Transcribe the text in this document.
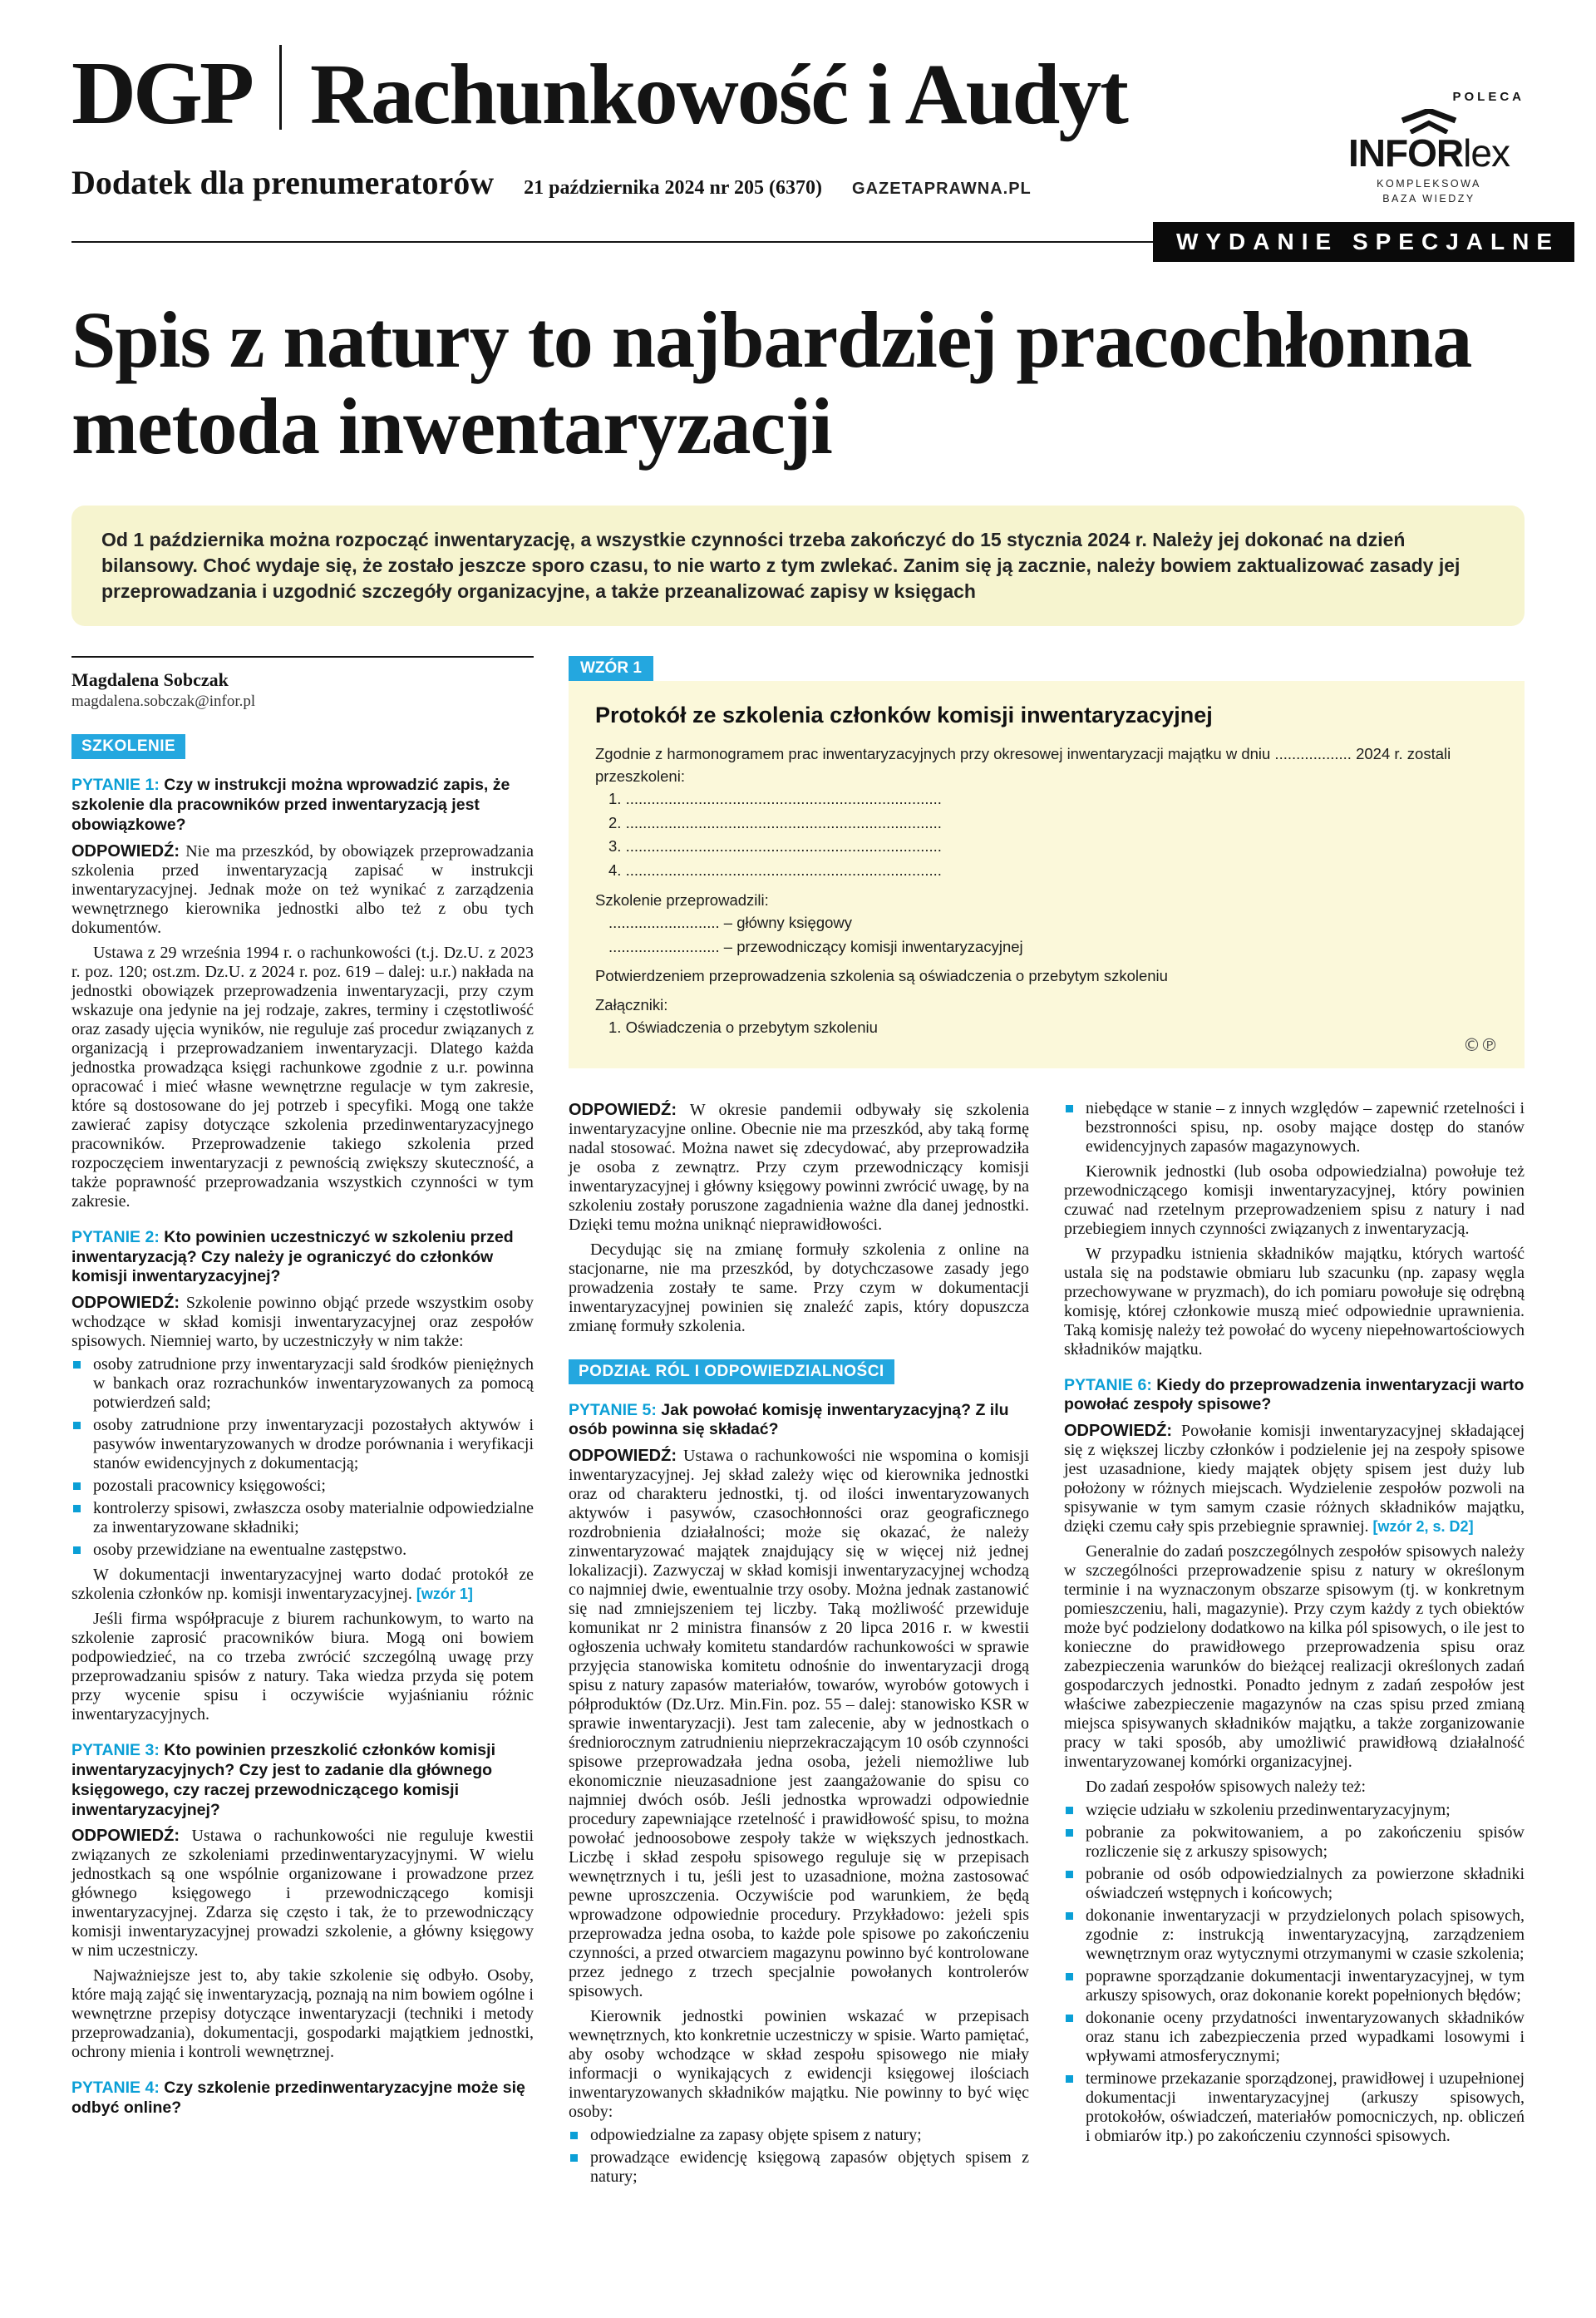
DGP Rachunkowość i Audyt	POLECA
INFORlex
KOMPLEKSOWA
BAZA WIEDZY
Dodatek dla prenumeratorów 21 października 2024 nr 205 (6370) GAZETAPRAWNA.PL
WYDANIE SPECJALNE
Spis z natury to najbardziej pracochłonna metoda inwentaryzacji
Od 1 października można rozpocząć inwentaryzację, a wszystkie czynności trzeba zakończyć do 15 stycznia 2024 r. Należy jej dokonać na dzień bilansowy. Choć wydaje się, że zostało jeszcze sporo czasu, to nie warto z tym zwlekać. Zanim się ją zacznie, należy bowiem zaktualizować zasady jej przeprowadzania i uzgodnić szczegóły organizacyjne, a także przeanalizować zapisy w księgach
Magdalena Sobczak
magdalena.sobczak@infor.pl
SZKOLENIE

PYTANIE 1: Czy w instrukcji można wprowadzić zapis, że szkolenie dla pracowników przed inwentaryzacją jest obowiązkowe?

ODPOWIEDŹ: Nie ma przeszkód, by obowiązek przeprowadzania szkolenia przed inwentaryzacją zapisać w instrukcji inwentaryzacyjnej. Jednak może on też wynikać z zarządzenia wewnętrznego kierownika jednostki albo też z obu tych dokumentów.

Ustawa z 29 września 1994 r. o rachunkowości (t.j. Dz.U. z 2023 r. poz. 120; ost.zm. Dz.U. z 2024 r. poz. 619 – dalej: u.r.) nakłada na jednostki obowiązek przeprowadzenia inwentaryzacji, przy czym wskazuje ona jedynie na jej rodzaje, zakres, terminy i częstotliwość oraz zasady ujęcia wyników, nie reguluje zaś procedur związanych z organizacją i przeprowadzaniem inwentaryzacji. Dlatego każda jednostka prowadząca księgi rachunkowe zgodnie z u.r. powinna opracować i mieć własne wewnętrzne regulacje w tym zakresie, które są dostosowane do jej potrzeb i specyfiki. Mogą one także zawierać zapisy dotyczące szkolenia przedinwentaryzacyjnego pracowników. Przeprowadzenie takiego szkolenia przed rozpoczęciem inwentaryzacji z pewnością zwiększy skuteczność, a także poprawność przeprowadzania wszystkich czynności w tym zakresie.

PYTANIE 2: Kto powinien uczestniczyć w szkoleniu przed inwentaryzacją? Czy należy je ograniczyć do członków komisji inwentaryzacyjnej?

ODPOWIEDŹ: Szkolenie powinno objąć przede wszystkim osoby wchodzące w skład komisji inwentaryzacyjnej oraz zespołów spisowych. Niemniej warto, by uczestniczyły w nim także:

osoby zatrudnione przy inwentaryzacji sald środków pieniężnych w bankach oraz rozrachunków inwentaryzowanych za pomocą potwierdzeń sald;
osoby zatrudnione przy inwentaryzacji pozostałych aktywów i pasywów inwentaryzowanych w drodze porównania i weryfikacji stanów ewidencyjnych z dokumentacją;
pozostali pracownicy księgowości;
kontrolerzy spisowi, zwłaszcza osoby materialnie odpowiedzialne za inwentaryzowane składniki;
osoby przewidziane na ewentualne zastępstwo.

W dokumentacji inwentaryzacyjnej warto dodać protokół ze szkolenia członków np. komisji inwentaryzacyjnej. [wzór 1]

Jeśli firma współpracuje z biurem rachunkowym, to warto na szkolenie zaprosić pracowników biura. Mogą oni bowiem podpowiedzieć, na co trzeba zwrócić szczególną uwagę przy przeprowadzaniu spisów z natury. Taka wiedza przyda się potem przy wycenie spisu i oczywiście wyjaśnianiu różnic inwentaryzacyjnych.

PYTANIE 3: Kto powinien przeszkolić członków komisji inwentaryzacyjnych? Czy jest to zadanie dla głównego księgowego, czy raczej przewodniczącego komisji inwentaryzacyjnej?

ODPOWIEDŹ: Ustawa o rachunkowości nie reguluje kwestii związanych ze szkoleniami przedinwentaryzacyjnymi. W wielu jednostkach są one wspólnie organizowane i prowadzone przez głównego księgowego i przewodniczącego komisji inwentaryzacyjnej. Zdarza się często i tak, że to przewodniczący komisji inwentaryzacyjnej prowadzi szkolenie, a główny księgowy w nim uczestniczy.

Najważniejsze jest to, aby takie szkolenie się odbyło. Osoby, które mają zająć się inwentaryzacją, poznają na nim bowiem ogólne i wewnętrzne przepisy dotyczące inwentaryzacji (techniki i metody przeprowadzania), dokumentacji, gospodarki majątkiem jednostki, ochrony mienia i kontroli wewnętrznej.

PYTANIE 4: Czy szkolenie przedinwentaryzacyjne może się odbyć online?

WZÓR 1
Protokół ze szkolenia członków komisji inwentaryzacyjnej

Zgodnie z harmonogramem prac inwentaryzacyjnych przy okresowej inwentaryzacji majątku w dniu .................. 2024 r. zostali przeszkoleni:

1. ..........................................................................
2. ..........................................................................
3. ..........................................................................
4. ..........................................................................

Szkolenie przeprowadzili:

.......................... – główny księgowy
.......................... – przewodniczący komisji inwentaryzacyjnej

Potwierdzeniem przeprowadzenia szkolenia są oświadczenia o przebytym szkoleniu

Załączniki:

1. Oświadczenia o przebytym szkoleniu
©℗

ODPOWIEDŹ: W okresie pandemii odbywały się szkolenia inwentaryzacyjne online. Obecnie nie ma przeszkód, aby taką formę nadal stosować. Można nawet się zdecydować, aby przeprowadziła je osoba z zewnątrz. Przy czym przewodniczący komisji inwentaryzacyjnej i główny księgowy powinni zwrócić uwagę, by na szkoleniu zostały poruszone zagadnienia ważne dla danej jednostki. Dzięki temu można uniknąć nieprawidłowości.

Decydując się na zmianę formuły szkolenia z online na stacjonarne, nie ma przeszkód, by dotychczasowe zasady jego prowadzenia zostały te same. Przy czym w dokumentacji inwentaryzacyjnej powinien się znaleźć zapis, który dopuszcza zmianę formuły szkolenia.

PODZIAŁ RÓL I ODPOWIEDZIALNOŚCI

PYTANIE 5: Jak powołać komisję inwentaryzacyjną? Z ilu osób powinna się składać?

ODPOWIEDŹ: Ustawa o rachunkowości nie wspomina o komisji inwentaryzacyjnej. Jej skład zależy więc od kierownika jednostki oraz od charakteru jednostki, tj. od ilości inwentaryzowanych aktywów i pasywów, czasochłonności oraz geograficznego rozdrobnienia działalności; może się okazać, że należy zinwentaryzować majątek znajdujący się w więcej niż jednej lokalizacji). Zazwyczaj w skład komisji inwentaryzacyjnej wchodzą co najmniej dwie, ewentualnie trzy osoby. Można jednak zastanowić się nad zmniejszeniem tej liczby. Taką możliwość przewiduje komunikat nr 2 ministra finansów z 20 lipca 2016 r. w kwestii ogłoszenia uchwały komitetu standardów rachunkowości w sprawie przyjęcia stanowiska komitetu odnośnie do inwentaryzacji drogą spisu z natury zapasów materiałów, towarów, wyrobów gotowych i półproduktów (Dz.Urz. Min.Fin. poz. 55 – dalej: stanowisko KSR w sprawie inwentaryzacji). Jest tam zalecenie, aby w jednostkach o średniorocznym zatrudnieniu nieprzekraczającym 10 osób czynności spisowe przeprowadzała jedna osoba, jeżeli niemożliwe lub ekonomicznie nieuzasadnione jest zaangażowanie do spisu co najmniej dwóch osób. Jeśli jednostka wprowadzi odpowiednie procedury zapewniające rzetelność i prawidłowość spisu, to można powołać jednoosobowe zespoły także w większych jednostkach. Liczbę i skład zespołu spisowego reguluje się w przepisach wewnętrznych i tu, jeśli jest to uzasadnione, można zastosować pewne uproszczenia. Oczywiście pod warunkiem, że będą wprowadzone odpowiednie procedury. Przykładowo: jeżeli spis przeprowadza jedna osoba, to każde pole spisowe po zakończeniu czynności, a przed otwarciem magazynu powinno być kontrolowane przez jednego z trzech specjalnie powołanych kontrolerów spisowych.

Kierownik jednostki powinien wskazać w przepisach wewnętrznych, kto konkretnie uczestniczy w spisie. Warto pamiętać, aby osoby wchodzące w skład zespołu spisowego nie miały informacji o wynikających z ewidencji księgowej ilościach inwentaryzowanych składników majątku. Nie powinny to być więc osoby:

odpowiedzialne za zapasy objęte spisem z natury;
prowadzące ewidencję księgową zapasów objętych spisem z natury;
niebędące w stanie – z innych względów – zapewnić rzetelności i bezstronności spisu, np. osoby mające dostęp do stanów ewidencyjnych zapasów magazynowych.

Kierownik jednostki (lub osoba odpowiedzialna) powołuje też przewodniczącego komisji inwentaryzacyjnej, który powinien czuwać nad rzetelnym przeprowadzeniem spisu z natury i nad przebiegiem innych czynności związanych z inwentaryzacją.

W przypadku istnienia składników majątku, których wartość ustala się na podstawie obmiaru lub szacunku (np. zapasy węgla przechowywane w pryzmach), do ich pomiaru powołuje się odrębną komisję, której członkowie muszą mieć odpowiednie uprawnienia. Taką komisję należy też powołać do wyceny niepełnowartościowych składników majątku.

PYTANIE 6: Kiedy do przeprowadzenia inwentaryzacji warto powołać zespoły spisowe?

ODPOWIEDŹ: Powołanie komisji inwentaryzacyjnej składającej się z większej liczby członków i podzielenie jej na zespoły spisowe jest uzasadnione, kiedy majątek objęty spisem jest duży lub położony w różnych miejscach. Wydzielenie zespołów pozwoli na spisywanie w tym samym czasie różnych składników majątku, dzięki czemu cały spis przebiegnie sprawniej. [wzór 2, s. D2]

Generalnie do zadań poszczególnych zespołów spisowych należy w szczególności przeprowadzenie spisu z natury w określonym terminie i na wyznaczonym obszarze spisowym (tj. w konkretnym pomieszczeniu, hali, magazynie). Przy czym każdy z tych obiektów może być podzielony dodatkowo na kilka pól spisowych, o ile jest to konieczne do prawidłowego przeprowadzenia spisu oraz zabezpieczenia warunków do bieżącej realizacji określonych zadań gospodarczych jednostki. Ponadto jednym z zadań zespołów jest właściwe zabezpieczenie magazynów na czas spisu przed zmianą miejsca spisywanych składników majątku, a także zorganizowanie pracy w taki sposób, aby umożliwić prawidłową działalność inwentaryzowanej komórki organizacyjnej.

Do zadań zespołów spisowych należy też:

wzięcie udziału w szkoleniu przedinwentaryzacyjnym;
pobranie za pokwitowaniem, a po zakończeniu spisów rozliczenie się z arkuszy spisowych;
pobranie od osób odpowiedzialnych za powierzone składniki oświadczeń wstępnych i końcowych;
dokonanie inwentaryzacji w przydzielonych polach spisowych, zgodnie z: instrukcją inwentaryzacyjną, zarządzeniem wewnętrznym oraz wytycznymi otrzymanymi w czasie szkolenia;
poprawne sporządzanie dokumentacji inwentaryzacyjnej, w tym arkuszy spisowych, oraz dokonanie korekt popełnionych błędów;
dokonanie oceny przydatności inwentaryzowanych składników oraz stanu ich zabezpieczenia przed wypadkami losowymi i wpływami atmosferycznymi;
terminowe przekazanie sporządzonej, prawidłowej i uzupełnionej dokumentacji inwentaryzacyjnej (arkuszy spisowych, protokołów, oświadczeń, materiałów pomocniczych, np. obliczeń i obmiarów itp.) po zakończeniu czynności spisowych.
